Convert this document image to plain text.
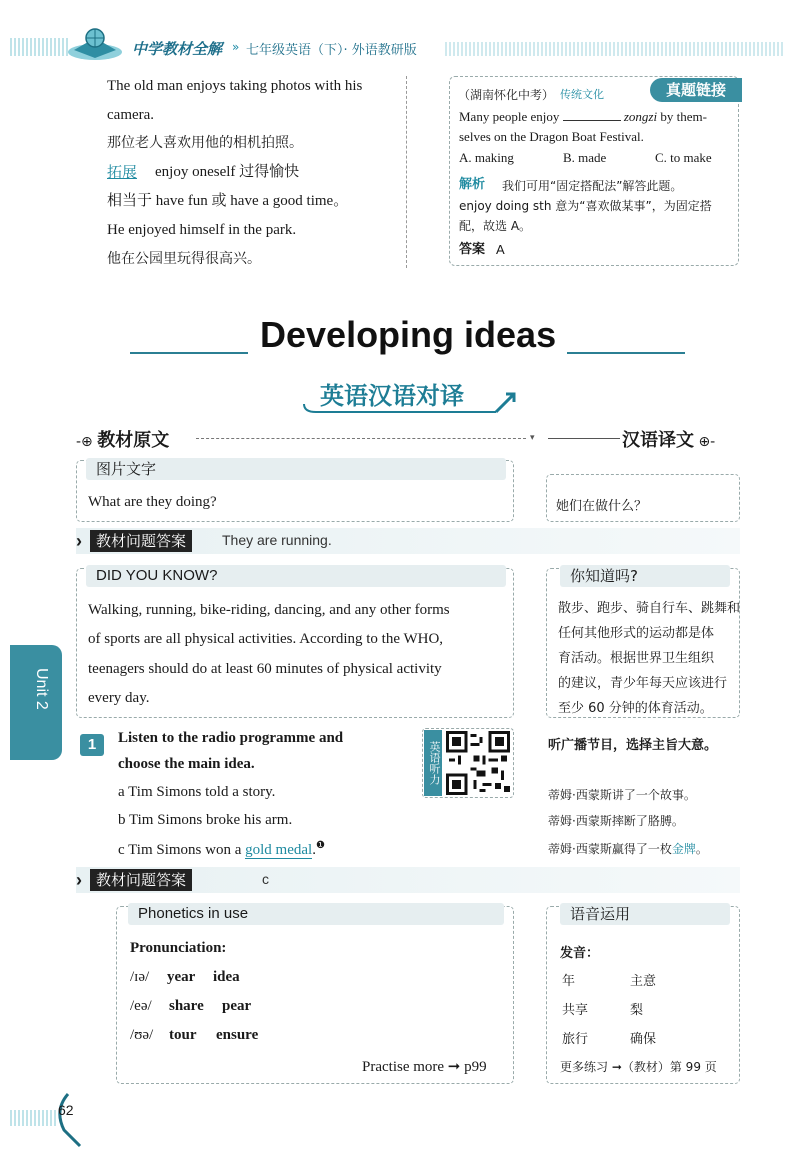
中学教材全解 » 七年级英语（下）· 外语教研版
The old man enjoys taking photos with his
camera.
那位老人喜欢用他的相机拍照。
拓展 enjoy oneself 过得愉快
相当于 have fun 或 have a good time。
He enjoyed himself in the park.
他在公园里玩得很高兴。
真题链接
（湖南怀化中考） 传统文化
Many people enjoy	zongzi by them-
selves on the Dragon Boat Festival.
A. making	B. made	C. to make
解析 我们可用“固定搭配法”解答此题。
enjoy doing sth 意为“喜欢做某事”，为固定搭
配，故选 A。
答案 A
Developing ideas
英语汉语对译
-⊕ 教材原文	▾	汉语译文 ⊕-
图片文字
What are they doing?	她们在做什么？
› 教材问题答案	They are running.
DID YOU KNOW?
Walking, running, bike-riding, dancing, and any other forms
of sports are all physical activities. According to the WHO,
teenagers should do at least 60 minutes of physical activity
every day.
你知道吗?
散步、跑步、骑自行车、跳舞和
任何其他形式的运动都是体
育活动。根据世界卫生组织
的建议，青少年每天应该进行
至少 60 分钟的体育活动。
Unit 2
1	Listen to the radio programme and
choose the main idea.	英语听力
a Tim Simons told a story.
b Tim Simons broke his arm.
c Tim Simons won a gold medal.$^❶$
听广播节目，选择主旨大意。
蒂姆·西蒙斯讲了一个故事。
蒂姆·西蒙斯摔断了胳膊。
蒂姆·西蒙斯赢得了一枚金牌。
› 教材问题答案	c
Phonetics in use
Pronunciation:
/ɪə/ year idea
/eə/ share pear
/ʊə/ tour ensure
Practise more ➞ p99
语音运用
发音：
年	主意
共享	梨
旅行	确保
更多练习 ➞（教材）第 99 页
62
